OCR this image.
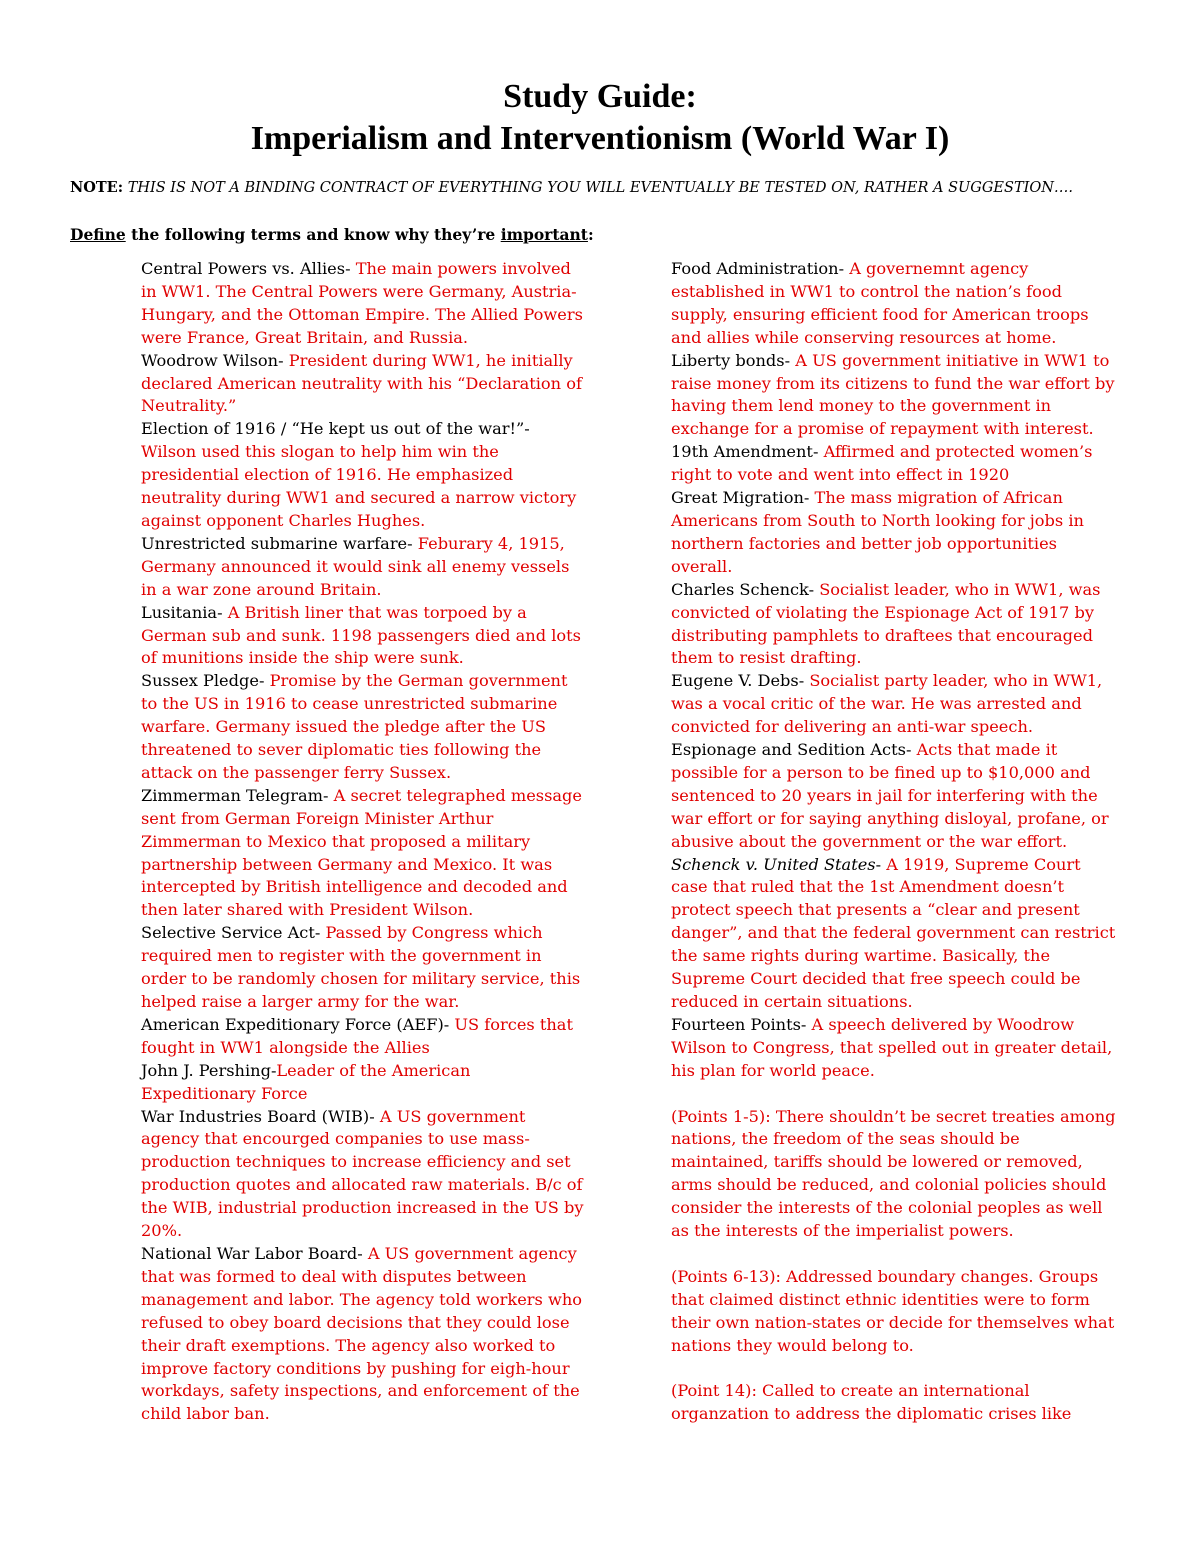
Study Guide:
Imperialism and Interventionism (World War I)
NOTE: THIS IS NOT A BINDING CONTRACT OF EVERYTHING YOU WILL EVENTUALLY BE TESTED ON, RATHER A SUGGESTION….
Define the following terms and know why they’re important:

Central Powers vs. Allies- The main powers involved in WW1. The Central Powers were Germany, Austria-Hungary, and the Ottoman Empire. The Allied Powers were France, Great Britain, and Russia.

Woodrow Wilson- President during WW1, he initially declared American neutrality with his “Declaration of Neutrality.”

Election of 1916 / “He kept us out of the war!”- Wilson used this slogan to help him win the presidential election of 1916. He emphasized neutrality during WW1 and secured a narrow victory against opponent Charles Hughes.

Unrestricted submarine warfare- Feburary 4, 1915, Germany announced it would sink all enemy vessels in a war zone around Britain.

Lusitania- A British liner that was torpoed by a German sub and sunk. 1198 passengers died and lots of munitions inside the ship were sunk.

Sussex Pledge- Promise by the German government to the US in 1916 to cease unrestricted submarine warfare. Germany issued the pledge after the US threatened to sever diplomatic ties following the attack on the passenger ferry Sussex.

Zimmerman Telegram- A secret telegraphed message sent from German Foreign Minister Arthur Zimmerman to Mexico that proposed a military partnership between Germany and Mexico. It was intercepted by British intelligence and decoded and then later shared with President Wilson.

Selective Service Act- Passed by Congress which required men to register with the government in order to be randomly chosen for military service, this helped raise a larger army for the war.

American Expeditionary Force (AEF)- US forces that fought in WW1 alongside the Allies

John J. Pershing-Leader of the American Expeditionary Force

War Industries Board (WIB)- A US government agency that encourged companies to use mass-production techniques to increase efficiency and set production quotes and allocated raw materials. B/c of the WIB, industrial production increased in the US by 20%.

National War Labor Board- A US government agency that was formed to deal with disputes between management and labor. The agency told workers who refused to obey board decisions that they could lose their draft exemptions. The agency also worked to improve factory conditions by pushing for eigh-hour workdays, safety inspections, and enforcement of the child labor ban.

Food Administration- A governemnt agency established in WW1 to control the nation’s food supply, ensuring efficient food for American troops and allies while conserving resources at home.

Liberty bonds- A US government initiative in WW1 to raise money from its citizens to fund the war effort by having them lend money to the government in exchange for a promise of repayment with interest.

19th Amendment- Affirmed and protected women’s right to vote and went into effect in 1920

Great Migration- The mass migration of African Americans from South to North looking for jobs in northern factories and better job opportunities overall.

Charles Schenck- Socialist leader, who in WW1, was convicted of violating the Espionage Act of 1917 by distributing pamphlets to draftees that encouraged them to resist drafting.

Eugene V. Debs- Socialist party leader, who in WW1, was a vocal critic of the war. He was arrested and convicted for delivering an anti-war speech.

Espionage and Sedition Acts- Acts that made it possible for a person to be fined up to $10,000 and sentenced to 20 years in jail for interfering with the war effort or for saying anything disloyal, profane, or abusive about the government or the war effort.

Schenck v. United States- A 1919, Supreme Court case that ruled that the 1st Amendment doesn’t protect speech that presents a “clear and present danger”, and that the federal government can restrict the same rights during wartime. Basically, the Supreme Court decided that free speech could be reduced in certain situations.

Fourteen Points- A speech delivered by Woodrow Wilson to Congress, that spelled out in greater detail, his plan for world peace.

(Points 1-5): There shouldn’t be secret treaties among nations, the freedom of the seas should be maintained, tariffs should be lowered or removed, arms should be reduced, and colonial policies should consider the interests of the colonial peoples as well as the interests of the imperialist powers.

(Points 6-13): Addressed boundary changes. Groups that claimed distinct ethnic identities were to form their own nation-states or decide for themselves what nations they would belong to.

(Point 14): Called to create an international organzation to address the diplomatic crises like
